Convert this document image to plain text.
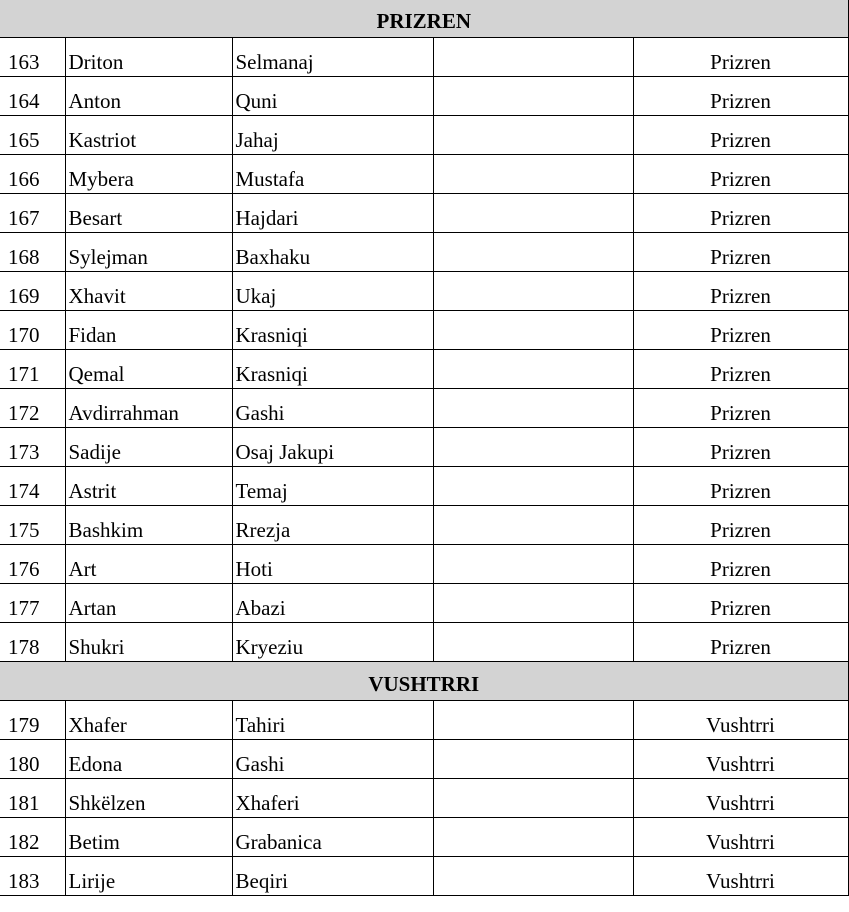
PRIZREN				
163	Driton	Selmanaj		Prizren
164	Anton	Quni		Prizren
165	Kastriot	Jahaj		Prizren
166	Mybera	Mustafa		Prizren
167	Besart	Hajdari		Prizren
168	Sylejman	Baxhaku		Prizren
169	Xhavit	Ukaj		Prizren
170	Fidan	Krasniqi		Prizren
171	Qemal	Krasniqi		Prizren
172	Avdirrahman	Gashi		Prizren
173	Sadije	Osaj Jakupi		Prizren
174	Astrit	Temaj		Prizren
175	Bashkim	Rrezja		Prizren
176	Art	Hoti		Prizren
177	Artan	Abazi		Prizren
178	Shukri	Kryeziu		Prizren
VUSHTRRI				
179	Xhafer	Tahiri		Vushtrri
180	Edona	Gashi		Vushtrri
181	Shkëlzen	Xhaferi		Vushtrri
182	Betim	Grabanica		Vushtrri
183	Lirije	Beqiri		Vushtrri
